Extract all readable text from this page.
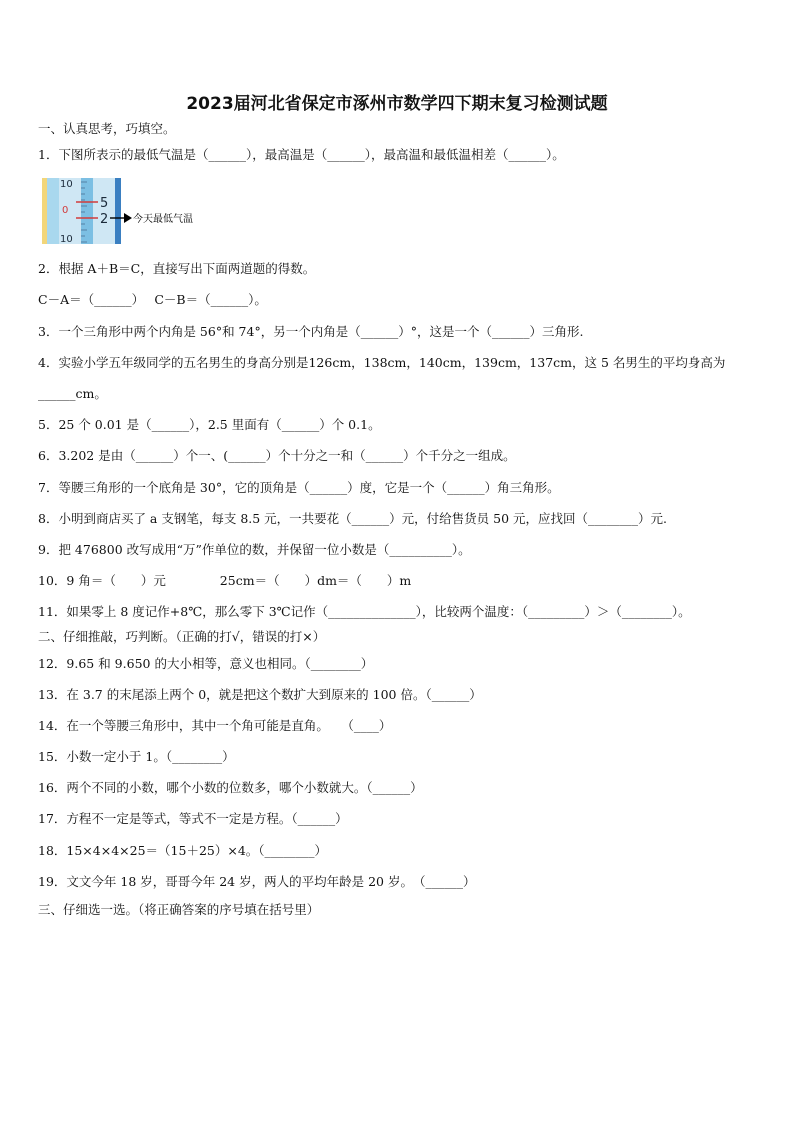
2023届河北省保定市涿州市数学四下期末复习检测试题
一、认真思考，巧填空。
1．下图所表示的最低气温是（______），最高温是（______），最高温和最低温相差（______）。
10
0
10
5
2 今天最低气温
2．根据 A＋B＝C，直接写出下面两道题的得数。
C－A＝（______）　 C－B＝（______）。
3．一个三角形中两个内角是 56°和 74°，另一个内角是（______）°，这是一个（______）三角形.
4．实验小学五年级同学的五名男生的身高分别是126cm，138cm，140cm，139cm，137cm，这 5 名男生的平均身高为
______cm。
5．25 个 0.01 是（______），2.5 里面有（______）个 0.1。
6．3.202 是由（______）个一、(______）个十分之一和（______）个千分之一组成。
7．等腰三角形的一个底角是 30°，它的顶角是（______）度，它是一个（______）角三角形。
8．小明到商店买了 a 支钢笔，每支 8.5 元，一共要花（______）元，付给售货员 50 元，应找回（________）元.
9．把 476800 改写成用“万”作单位的数，并保留一位小数是（__________）。
10．9 角＝（　　）元　　　　 25cm＝（　　）dm＝（　　）m
11．如果零上 8 度记作+8℃，那么零下 3℃记作（______________），比较两个温度：（_________）＞（________）。
二、仔细推敲，巧判断。（正确的打√，错误的打×）
12．9.65 和 9.650 的大小相等，意义也相同。（________）
13．在 3.7 的末尾添上两个 0，就是把这个数扩大到原来的 100 倍。（______）
14．在一个等腰三角形中，其中一个角可能是直角。　　（____）
15．小数一定小于 1。（________）
16．两个不同的小数，哪个小数的位数多，哪个小数就大。（______）
17．方程不一定是等式，等式不一定是方程。（______）
18．15×4×4×25＝（15＋25）×4。（________）
19．文文今年 18 岁，哥哥今年 24 岁，两人的平均年龄是 20 岁。　（______）
三、仔细选一选。（将正确答案的序号填在括号里）
